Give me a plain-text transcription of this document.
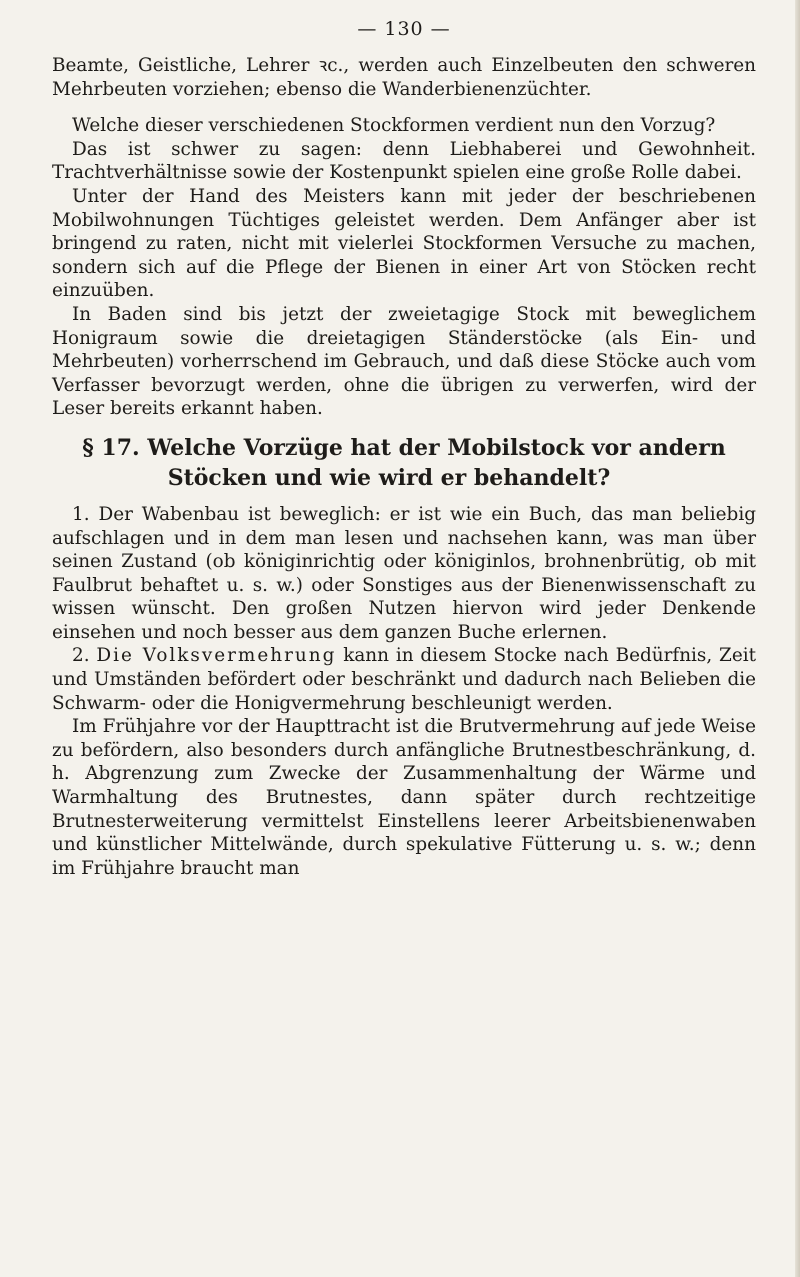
— 130 —

Beamte, Geistliche, Lehrer ꝛc., werden auch Einzelbeuten den schweren Mehrbeuten vorziehen; ebenso die Wanderbienenzüchter.

Welche dieser verschiedenen Stockformen verdient nun den Vorzug?

Das ist schwer zu sagen: denn Liebhaberei und Gewohnheit. Trachtverhältnisse sowie der Kostenpunkt spielen eine große Rolle dabei.

Unter der Hand des Meisters kann mit jeder der beschriebenen Mobilwohnungen Tüchtiges geleistet werden. Dem Anfänger aber ist bringend zu raten, nicht mit vielerlei Stockformen Versuche zu machen, sondern sich auf die Pflege der Bienen in einer Art von Stöcken recht einzuüben.

In Baden sind bis jetzt der zweietagige Stock mit beweglichem Honigraum sowie die dreietagigen Ständerstöcke (als Ein- und Mehrbeuten) vorherrschend im Gebrauch, und daß diese Stöcke auch vom Verfasser bevorzugt werden, ohne die übrigen zu verwerfen, wird der Leser bereits erkannt haben.

§ 17. Welche Vorzüge hat der Mobilstock vor andern
Stöcken und wie wird er behandelt?

1. Der Wabenbau ist beweglich: er ist wie ein Buch, das man beliebig aufschlagen und in dem man lesen und nachsehen kann, was man über seinen Zustand (ob königinrichtig oder königinlos, brohnenbrütig, ob mit Faulbrut behaftet u. s. w.) oder Sonstiges aus der Bienenwissenschaft zu wissen wünscht. Den großen Nutzen hiervon wird jeder Denkende einsehen und noch besser aus dem ganzen Buche erlernen.

2. Die Volksvermehrung kann in diesem Stocke nach Bedürfnis, Zeit und Umständen befördert oder beschränkt und dadurch nach Belieben die Schwarm- oder die Honigvermehrung beschleunigt werden.

Im Frühjahre vor der Haupttracht ist die Brutvermehrung auf jede Weise zu befördern, also besonders durch anfängliche Brutnestbeschränkung, d. h. Abgrenzung zum Zwecke der Zusammenhaltung der Wärme und Warmhaltung des Brutnestes, dann später durch rechtzeitige Brutnesterweiterung vermittelst Einstellens leerer Arbeitsbienenwaben und künstlicher Mittelwände, durch spekulative Fütterung u. s. w.; denn im Frühjahre braucht man
